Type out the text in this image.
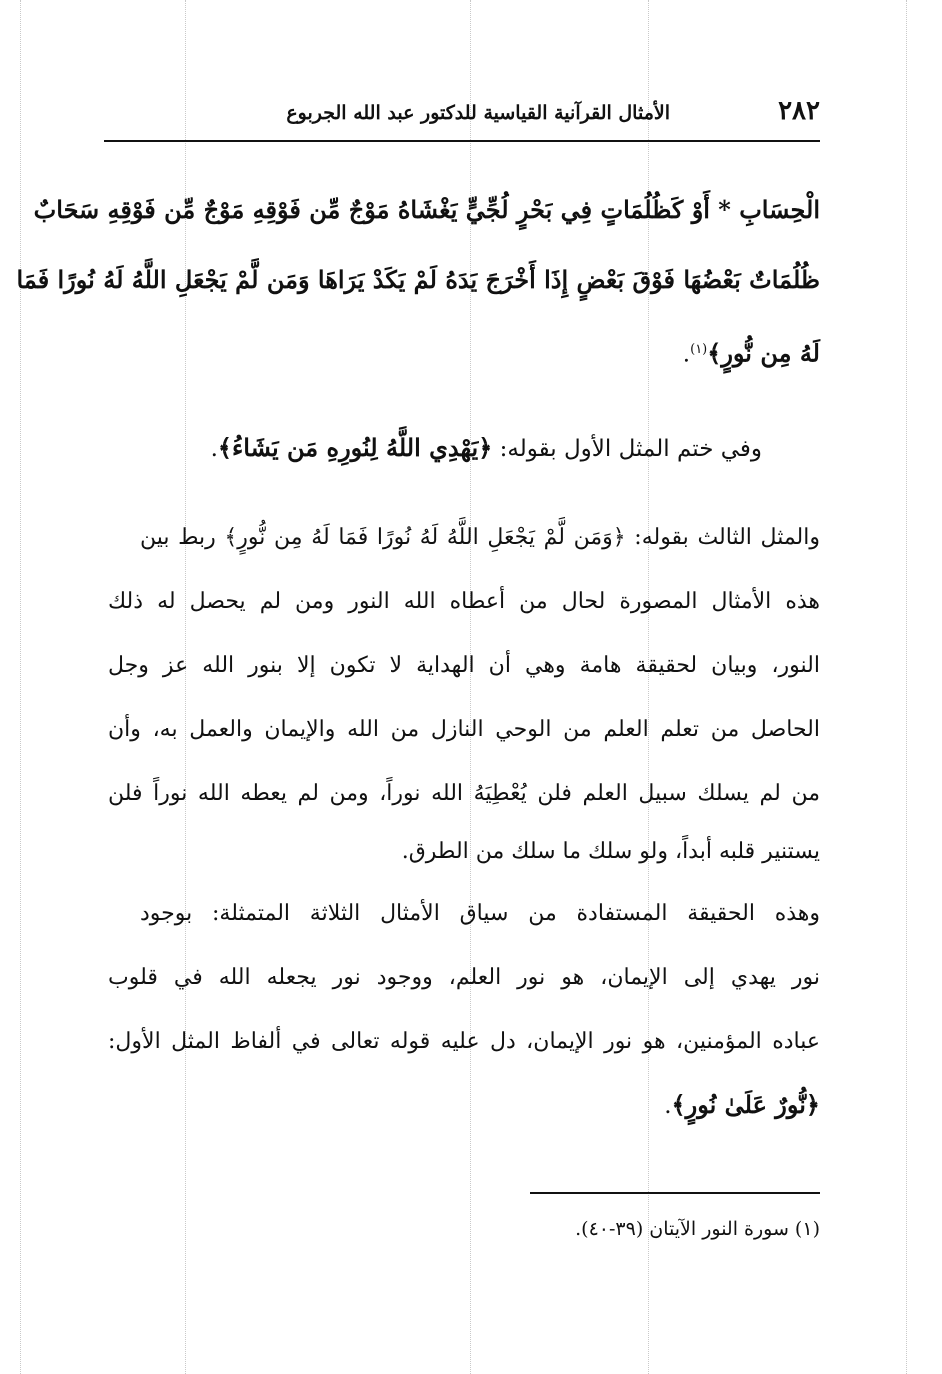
٢٨٢
الأمثال القرآنية القياسية للدكتور عبد الله الجربوع
الْحِسَابِ * أَوْ كَظُلُمَاتٍ فِي بَحْرٍ لُجِّيٍّ يَغْشَاهُ مَوْجٌ مِّن فَوْقِهِ مَوْجٌ مِّن فَوْقِهِ سَحَابٌ
ظُلُمَاتٌ بَعْضُهَا فَوْقَ بَعْضٍ إِذَا أَخْرَجَ يَدَهُ لَمْ يَكَدْ يَرَاهَا وَمَن لَّمْ يَجْعَلِ اللَّهُ لَهُ نُورًا فَمَا
لَهُ مِن نُّورٍ﴾$^{(١)}$.
وفي ختم المثل الأول بقوله: ﴿يَهْدِي اللَّهُ لِنُورِهِ مَن يَشَاءُ﴾.
والمثل الثالث بقوله: ﴿وَمَن لَّمْ يَجْعَلِ اللَّهُ لَهُ نُورًا فَمَا لَهُ مِن نُّورٍ﴾ ربط بين
هذه الأمثال المصورة لحال من أعطاه الله النور ومن لم يحصل له ذلك
النور، وبيان لحقيقة هامة وهي أن الهداية لا تكون إلا بنور الله عز وجل
الحاصل من تعلم العلم من الوحي النازل من الله والإيمان والعمل به، وأن
من لم يسلك سبيل العلم فلن يُعْطِيَهُ الله نوراً، ومن لم يعطه الله نوراً فلن
يستنير قلبه أبداً، ولو سلك ما سلك من الطرق.
وهذه الحقيقة المستفادة من سياق الأمثال الثلاثة المتمثلة: بوجود
نور يهدي إلى الإيمان، هو نور العلم، ووجود نور يجعله الله في قلوب
عباده المؤمنين، هو نور الإيمان، دل عليه قوله تعالى في ألفاظ المثل الأول:
﴿نُّورٌ عَلَىٰ نُورٍ﴾.
(١) سورة النور الآيتان (٣٩-٤٠).
